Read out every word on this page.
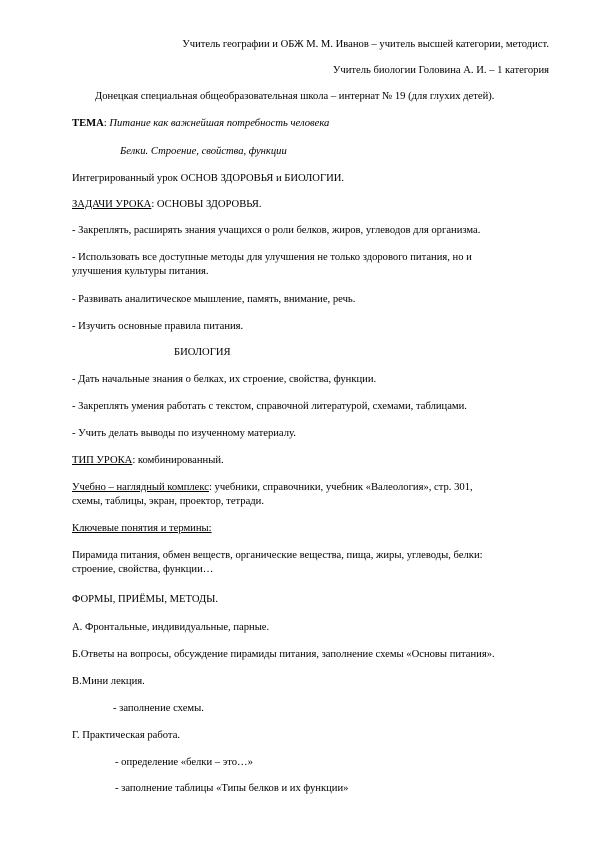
Учитель географии и ОБЖ М. М. Иванов – учитель высшей категории, методист.
Учитель биологии Головина А. И. – 1 категория
Донецкая специальная общеобразовательная школа – интернат № 19 (для глухих детей).
ТЕМА: Питание как важнейшая потребность человека
Белки. Строение, свойства, функции
Интегрированный урок ОСНОВ ЗДОРОВЬЯ и БИОЛОГИИ.
ЗАДАЧИ УРОКА: ОСНОВЫ ЗДОРОВЬЯ.
- Закреплять, расширять знания учащихся о роли белков, жиров, углеводов для организма.
- Использовать все доступные методы для улучшения не только здорового питания, но и
улучшения культуры питания.
- Развивать аналитическое мышление, память, внимание, речь.
- Изучить основные правила питания.
БИОЛОГИЯ
- Дать начальные знания о белках, их строение, свойства, функции.
- Закреплять умения работать с текстом, справочной литературой, схемами, таблицами.
- Учить делать выводы по изученному материалу.
ТИП УРОКА: комбинированный.
Учебно – наглядный комплекс: учебники, справочники, учебник «Валеология», стр. 301,
схемы, таблицы, экран, проектор, тетради.
Ключевые понятия и термины:
Пирамида питания, обмен веществ, органические вещества, пища, жиры, углеводы, белки:
строение, свойства, функции…
ФОРМЫ, ПРИЁМЫ, МЕТОДЫ.
А. Фронтальные, индивидуальные, парные.
Б.Ответы на вопросы, обсуждение пирамиды питания, заполнение схемы «Основы питания».
В.Мини лекция.
- заполнение схемы.
Г. Практическая работа.
- определение «белки – это…»
- заполнение таблицы «Типы белков и их функции»
